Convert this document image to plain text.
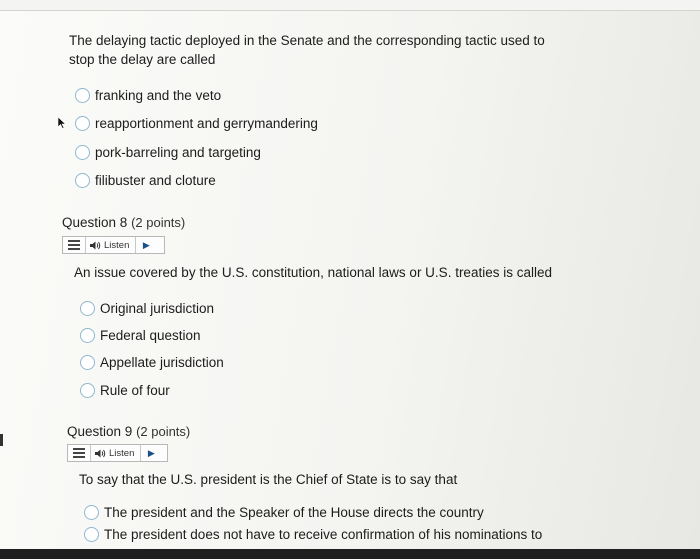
The delaying tactic deployed in the Senate and the corresponding tactic used to
stop the delay are called
franking and the veto
reapportionment and gerrymandering
pork-barreling and targeting
filibuster and cloture
Question 8 (2 points)
Listen	▶
An issue covered by the U.S. constitution, national laws or U.S. treaties is called
Original jurisdiction
Federal question
Appellate jurisdiction
Rule of four
Question 9 (2 points)
Listen	▶
To say that the U.S. president is the Chief of State is to say that
The president and the Speaker of the House directs the country
The president does not have to receive confirmation of his nominations to
